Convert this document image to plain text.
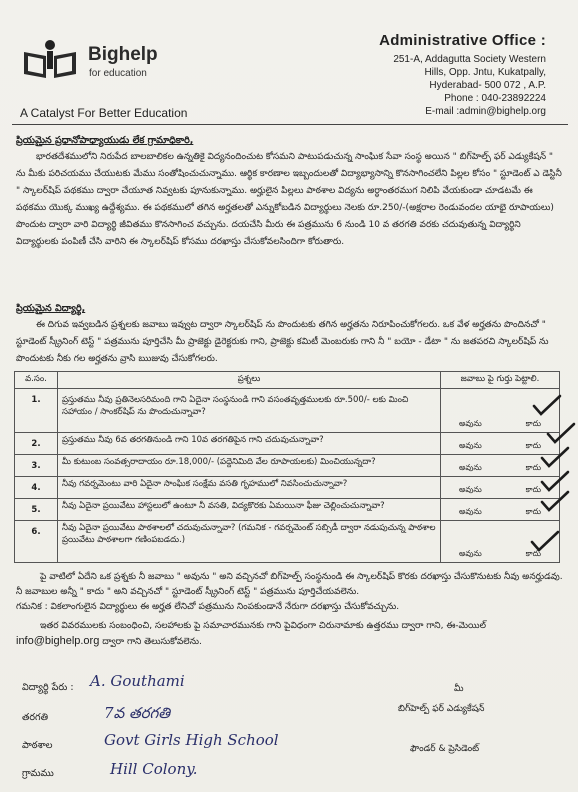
Bighelp
for education
A Catalyst For Better Education
Administrative Office :
251-A, Addagutta Society Western
Hills, Opp. Jntu, Kukatpally,
Hyderabad- 500 072 , A.P.
Phone : 040-23892224
E-mail :admin@bighelp.org
ప్రియమైన ప్రధానోపాధ్యాయుడు లేక గ్రామాధికారి,
భారతదేశములోని నిరుపేద బాలబాలికల ఉన్నతికై విద్యనందించుట కోసమని పాటుపడుచున్న సాంఘిక సేవా సంస్థ అయిన " బిగ్‌హెల్ప్ ఫర్ ఎడ్యుకేషన్ " ను మీకు పరిచయము చేయుటకు మేము సంతోషించుచున్నాము. ఆర్థిక కారణాల ఇబ్బందులతో విద్యాభ్యాసాన్ని కొనసాగించలేని పిల్లల కోసం " స్టూడెంట్ ఎ డెస్టినీ " స్కాలర్‌షిప్ పథకము ద్వారా చేయూత నివ్వటకు పూనుకున్నాము. అర్హులైన పిల్లలు పాఠశాల విద్యను అర్ధాంతరముగ నిలిపి వేయకుండా చూడటమే ఈ పథకము యొక్క ముఖ్య ఉద్దేశ్యము. ఈ పథకములో తగిన అర్హతలతో ఎన్నుకోబడిన విద్యార్థులు నెలకు రూ.250/-(అక్షరాల రెండువందల యాభై రూపాయలు) పొందుట ద్వారా వారి విద్యార్థి జీవితము కొనసాగించ వచ్చును. దయచేసి మీరు ఈ పత్రమును 6 నుండి 10 వ తరగతి వరకు చదువుతున్న విద్యార్థిని విద్యార్థులకు పంపిణీ చేసి వారిని ఈ స్కాలర్‌షిప్ కోసము దరఖాస్తు చేసుకోవలసిందిగా కోరుతారు.
ప్రియమైన విద్యార్థి,
ఈ దిగువ ఇవ్వబడిన ప్రశ్నలకు జవాబు ఇవ్వుట ద్వారా స్కాలర్‌షిప్ ను పొందుటకు తగిన అర్హతను నిరూపించుకోగలరు. ఒక వేళ అర్హతను పొందినచో " స్టూడెంట్ స్క్రీనింగ్ టెస్ట్ " పత్రమును పూర్తిచేసి మీ ప్రాజెక్టు డైరెక్టరుకు గాని, ప్రాజెక్టు కమిటీ మెంబరుకు గాని నీ " బయో - డేటా " ను జతపరచి స్కాలర్‌షిప్ ను పొందుటకు నీకు గల అర్హతను వ్రాసి ఋజువు చేసుకోగలరు.
వ.సం.	ప్రశ్నలు	జవాబు పై గుర్తు పెట్టాలి.
1.	ప్రస్తుతము నీవు ప్రతినెలసరిమంది గాని ఏదైనా సంస్థనుండి గాని వసంతవృత్తములకు రూ.500/- లకు మించి సహాయం / సాంకర్‌షిప్ ను పొందుచున్నావా?	అవును కాదు

2.	ప్రస్తుతము నీవు 6వ తరగతినుండి గాని 10వ తరగతిపైన గాని చదువుచున్నావా?	అవును కాదు

3.	మీ కుటుంబ సంవత్సరాదాయం రూ.18,000/- (పద్దెనిమిది వేల రూపాయలకు) మించియున్నదా?	అవును కాదు

4.	నీవు గవర్నమెంటు వారి ఏదైనా సాంఘిక సంక్షేమ వసతి గృహములో నివసించుచున్నావా?	అవును కాదు

5.	నీవు ఏదైనా ప్రయివేటు హాస్టలులో ఉంటూ నీ వసతి, విద్యకొరకు ఏమయినా ఫీజు చెల్లించుచున్నావా?	అవును కాదు

6.	నీవు ఏదైనా ప్రయివేటు పాఠశాలలో చదువుచున్నావా? (గమనిక - గవర్నమెంట్ సబ్సిడీ ద్వారా నడుపుచున్న పాఠశాల ప్రయివేటు పాఠశాలగా గణింపబడదు.)	అవును కాదు
పై వాటిలో ఏదేని ఒక ప్రశ్నకు నీ జవాబు " అవును " అని వచ్చినచో బిగ్‌హెల్ప్ సంస్థనుండి ఈ స్కాలర్‌షిప్ కొరకు దరఖాస్తు చేసుకొనుటకు నీవు అనర్హుడవు. నీ జవాబుల అన్నీ " కాదు " అని వచ్చినచో " స్టూడెంట్ స్క్రీనింగ్ టెస్ట్ " పత్రమును పూర్తిచేయవలెను.
గమనిక : వికలాంగులైన విద్యార్థులు ఈ అర్హత లేనిచో పత్రమును నింపకుండానే నేరుగా దరఖాస్తు చేసుకోవచ్చును.
ఇతర వివరములకు సంబంధించి, సలహాలకు పై సమాచారమునకు గాని పైవిధంగా చిరునామాకు ఉత్తరము ద్వారా గాని, ఈ-మెయిల్
info@bighelp.org ద్వారా గాని తెలుసుకోవలెను.
విద్యార్థి పేరు : A. Gouthami
తరగతి	7వ తరగతి
పాఠశాల	Govt Girls High School
గ్రామము	Hill Colony.
మీ
బిగ్‌హెల్ప్ ఫర్ ఎడ్యుకేషన్
ఫౌండర్ & ప్రెసిడెంట్
